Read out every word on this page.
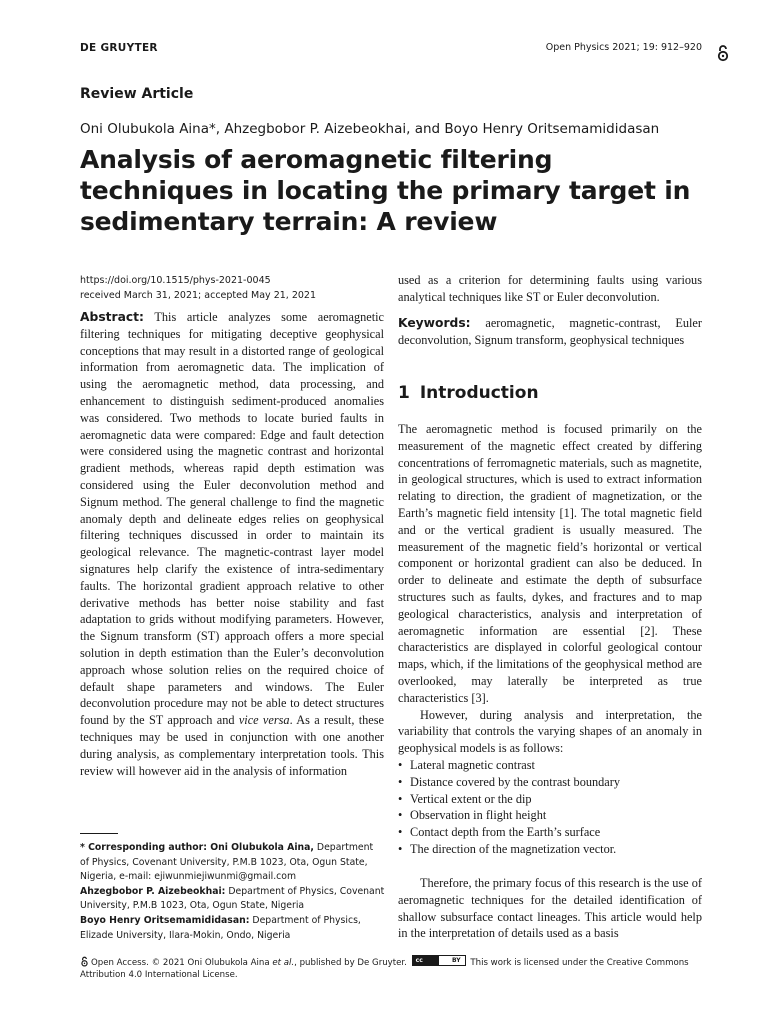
DE GRUYTER	Open Physics 2021; 19: 912–920
Review Article
Oni Olubukola Aina*, Ahzegbobor P. Aizebeokhai, and Boyo Henry Oritsemamididasan
Analysis of aeromagnetic filtering techniques in locating the primary target in sedimentary terrain: A review
https://doi.org/10.1515/phys-2021-0045
received March 31, 2021; accepted May 21, 2021
Abstract: This article analyzes some aeromagnetic filtering techniques for mitigating deceptive geophysical conceptions that may result in a distorted range of geological information from aeromagnetic data. The implication of using the aeromagnetic method, data processing, and enhancement to distinguish sediment-produced anomalies was considered. Two methods to locate buried faults in aeromagnetic data were compared: Edge and fault detection were considered using the magnetic contrast and horizontal gradient methods, whereas rapid depth estimation was considered using the Euler deconvolution method and Signum method. The general challenge to find the magnetic anomaly depth and delineate edges relies on geophysical filtering techniques discussed in order to maintain its geological relevance. The magnetic-contrast layer model signatures help clarify the existence of intra-sedimentary faults. The horizontal gradient approach relative to other derivative methods has better noise stability and fast adaptation to grids without modifying parameters. However, the Signum transform (ST) approach offers a more special solution in depth estimation than the Euler’s deconvolution approach whose solution relies on the required choice of default shape parameters and windows. The Euler deconvolution procedure may not be able to detect structures found by the ST approach and vice versa. As a result, these techniques may be used in conjunction with one another during analysis, as complementary interpretation tools. This review will however aid in the analysis of information
used as a criterion for determining faults using various analytical techniques like ST or Euler deconvolution.
Keywords: aeromagnetic, magnetic-contrast, Euler deconvolution, Signum transform, geophysical techniques
1 Introduction

The aeromagnetic method is focused primarily on the measurement of the magnetic effect created by differing concentrations of ferromagnetic materials, such as magnetite, in geological structures, which is used to extract information relating to direction, the gradient of magnetization, or the Earth’s magnetic field intensity [1]. The total magnetic field and or the vertical gradient is usually measured. The measurement of the magnetic field’s horizontal or vertical component or horizontal gradient can also be deduced. In order to delineate and estimate the depth of subsurface structures such as faults, dykes, and fractures and to map geological characteristics, analysis and interpretation of aeromagnetic information are essential [2]. These characteristics are displayed in colorful geological contour maps, which, if the limitations of the geophysical method are overlooked, may laterally be interpreted as true characteristics [3].

However, during analysis and interpretation, the variability that controls the varying shapes of an anomaly in geophysical models is as follows:

• Lateral magnetic contrast
• Distance covered by the contrast boundary
• Vertical extent or the dip
• Observation in flight height
• Contact depth from the Earth’s surface
• The direction of the magnetization vector.

Therefore, the primary focus of this research is the use of aeromagnetic techniques for the detailed identification of shallow subsurface contact lineages. This article would help in the interpretation of details used as a basis

* Corresponding author: Oni Olubukola Aina, Department of Physics, Covenant University, P.M.B 1023, Ota, Ogun State, Nigeria, e-mail: ejiwunmiejiwunmi@gmail.com

Ahzegbobor P. Aizebeokhai: Department of Physics, Covenant University, P.M.B 1023, Ota, Ogun State, Nigeria

Boyo Henry Oritsemamididasan: Department of Physics, Elizade University, Ilara-Mokin, Ondo, Nigeria

Open Access. © 2021 Oni Olubukola Aina et al., published by De Gruyter. cc	BY This work is licensed under the Creative Commons Attribution 4.0 International License.
